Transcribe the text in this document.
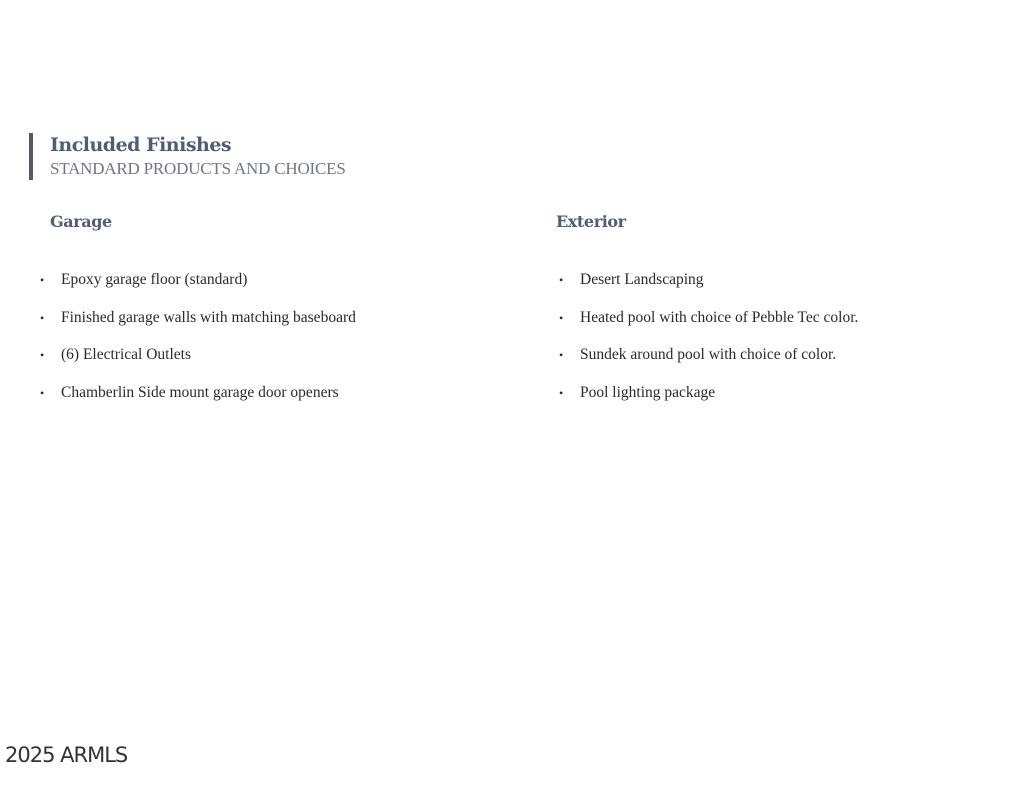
Included Finishes
STANDARD PRODUCTS AND CHOICES
Garage
•	Epoxy garage floor (standard)
•	Finished garage walls with matching baseboard
•	(6) Electrical Outlets
•	Chamberlin Side mount garage door openers
Exterior
•	Desert Landscaping
•	Heated pool with choice of Pebble Tec color.
•	Sundek around pool with choice of color.
•	Pool lighting package
2025 ARMLS
